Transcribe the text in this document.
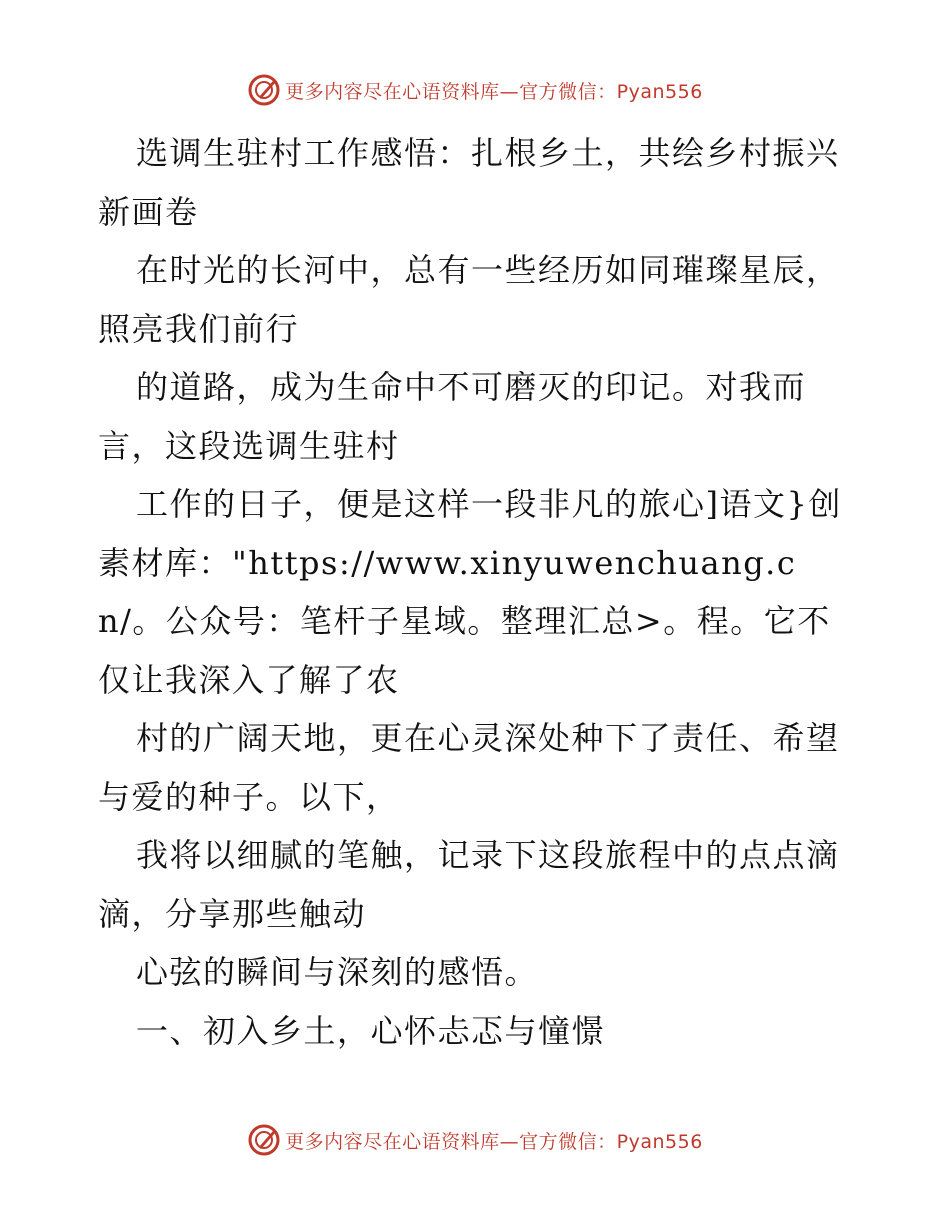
更多内容尽在心语资料库—官方微信：Pyan556

选调生驻村工作感悟：扎根乡土，共绘乡村振兴新画卷

在时光的长河中，总有一些经历如同璀璨星辰，照亮我们前行

的道路，成为生命中不可磨灭的印记。对我而言，这段选调生驻村

工作的日子，便是这样一段非凡的旅心]语文}创素材库："https://www.xinyuwenchuang.cn/。公众号：笔杆子星域。整理汇总>。程。它不仅让我深入了解了农

村的广阔天地，更在心灵深处种下了责任、希望与爱的种子。以下，

我将以细腻的笔触，记录下这段旅程中的点点滴滴，分享那些触动

心弦的瞬间与深刻的感悟。

一、初入乡土，心怀忐忑与憧憬

更多内容尽在心语资料库—官方微信：Pyan556
